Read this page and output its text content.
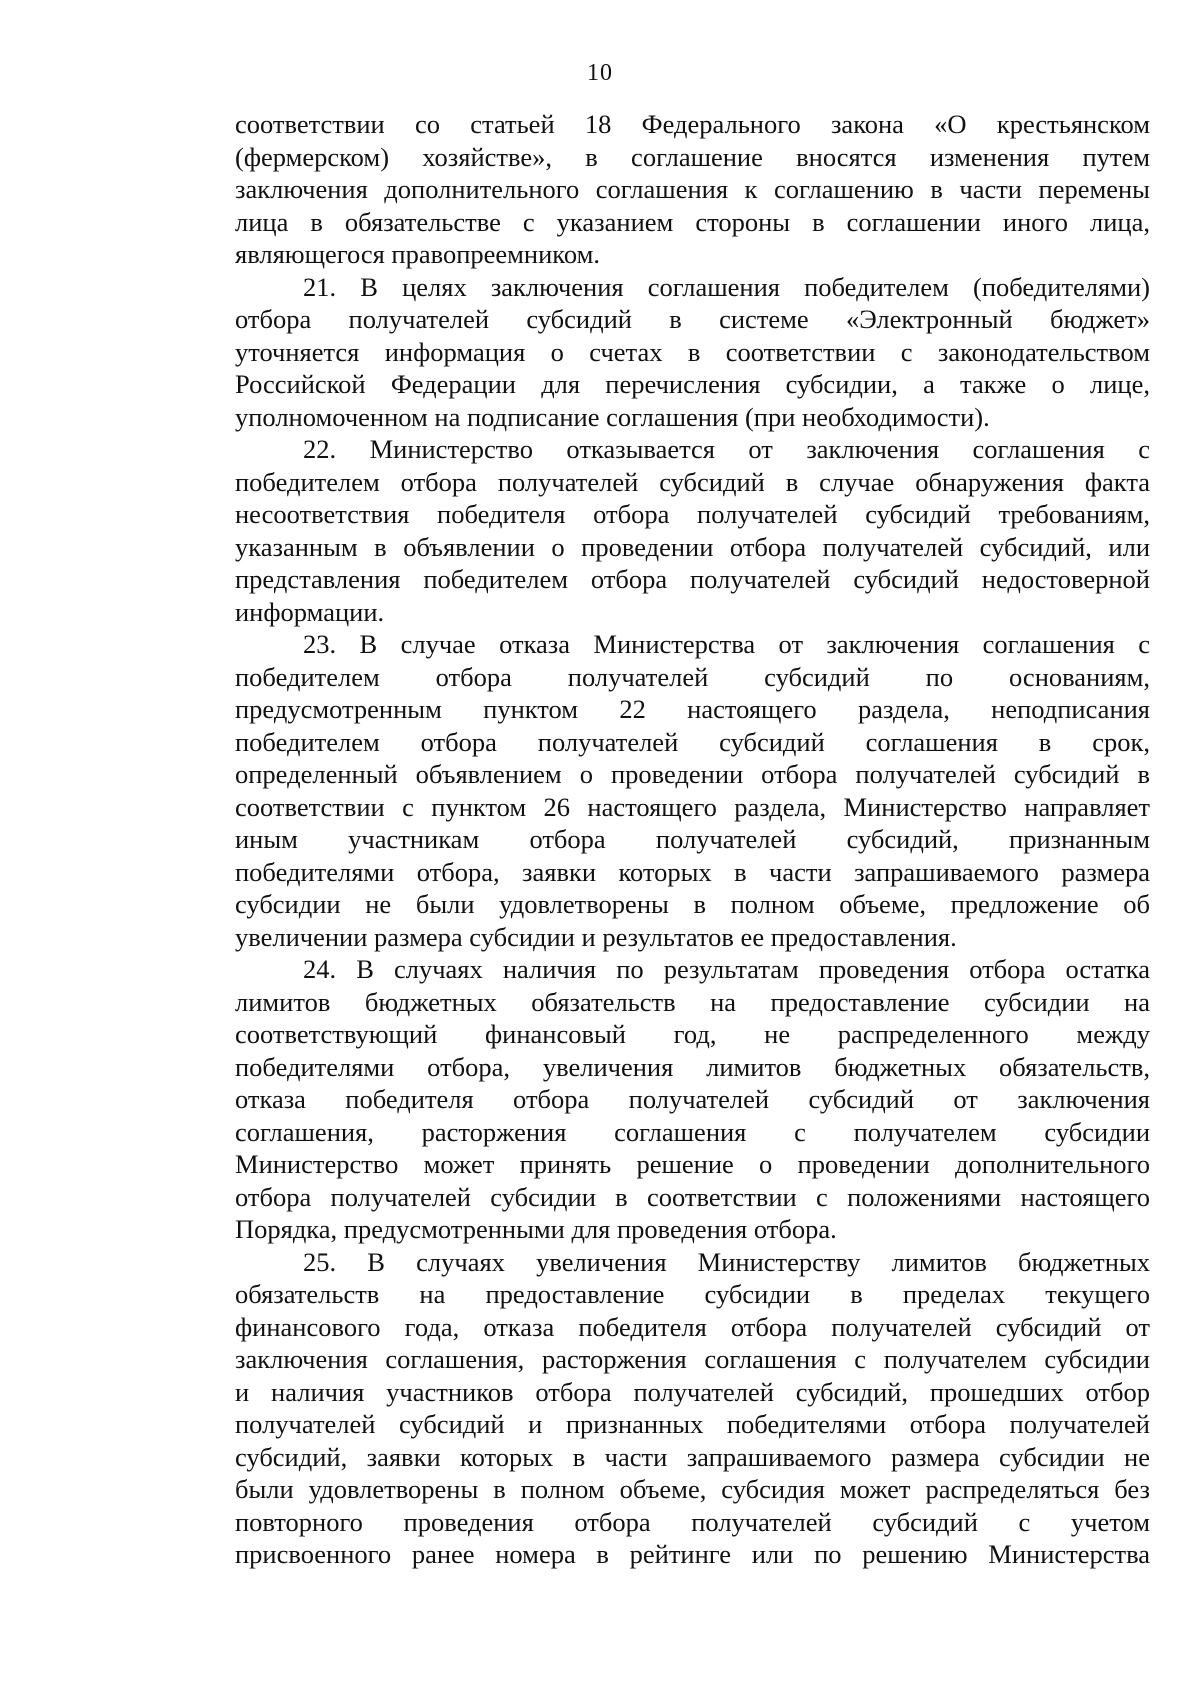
10

соответствии со статьей 18 Федерального закона «О крестьянском
(фермерском) хозяйстве», в соглашение вносятся изменения путем
заключения дополнительного соглашения к соглашению в части перемены
лица в обязательстве с указанием стороны в соглашении иного лица,
являющегося правопреемником.

21. В целях заключения соглашения победителем (победителями)
отбора получателей субсидий в системе «Электронный бюджет»
уточняется информация о счетах в соответствии с законодательством
Российской Федерации для перечисления субсидии, а также о лице,
уполномоченном на подписание соглашения (при необходимости).

22. Министерство отказывается от заключения соглашения с
победителем отбора получателей субсидий в случае обнаружения факта
несоответствия победителя отбора получателей субсидий требованиям,
указанным в объявлении о проведении отбора получателей субсидий, или
представления победителем отбора получателей субсидий недостоверной
информации.

23. В случае отказа Министерства от заключения соглашения с
победителем отбора получателей субсидий по основаниям,
предусмотренным пунктом 22 настоящего раздела, неподписания
победителем отбора получателей субсидий соглашения в срок,
определенный объявлением о проведении отбора получателей субсидий в
соответствии с пунктом 26 настоящего раздела, Министерство направляет
иным участникам отбора получателей субсидий, признанным
победителями отбора, заявки которых в части запрашиваемого размера
субсидии не были удовлетворены в полном объеме, предложение об
увеличении размера субсидии и результатов ее предоставления.

24. В случаях наличия по результатам проведения отбора остатка
лимитов бюджетных обязательств на предоставление субсидии на
соответствующий финансовый год, не распределенного между
победителями отбора, увеличения лимитов бюджетных обязательств,
отказа победителя отбора получателей субсидий от заключения
соглашения, расторжения соглашения с получателем субсидии
Министерство может принять решение о проведении дополнительного
отбора получателей субсидии в соответствии с положениями настоящего
Порядка, предусмотренными для проведения отбора.

25. В случаях увеличения Министерству лимитов бюджетных
обязательств на предоставление субсидии в пределах текущего
финансового года, отказа победителя отбора получателей субсидий от
заключения соглашения, расторжения соглашения с получателем субсидии
и наличия участников отбора получателей субсидий, прошедших отбор
получателей субсидий и признанных победителями отбора получателей
субсидий, заявки которых в части запрашиваемого размера субсидии не
были удовлетворены в полном объеме, субсидия может распределяться без
повторного проведения отбора получателей субсидий с учетом
присвоенного ранее номера в рейтинге или по решению Министерства
